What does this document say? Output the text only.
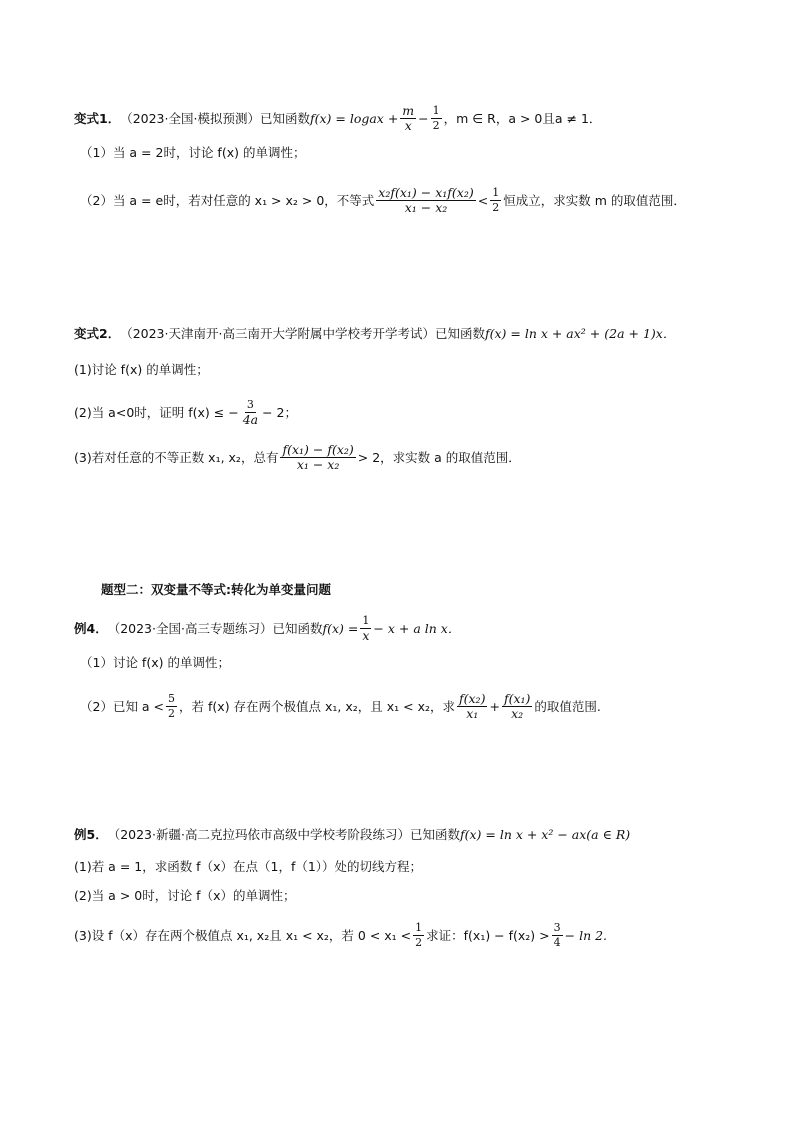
变式1． （2023·全国·模拟预测）已知函数 f(x) = log a $x + \frac{m}{x} - \frac{1}{2}$ ，m ∈ R，a > 0且a ≠ 1．
（1）当 a = 2时，讨论 f(x) 的单调性；
（2）当 a = e时，若对任意的 x₁ > x₂ > 0，不等式 $\frac{\text{x₂f(x₁) − x₁f(x₂)}}{\text{x₁ − x₂}} < \frac{1}{2}$ 恒成立，求实数 m 的取值范围．
变式2． （2023·天津南开·高三南开大学附属中学校考开学考试）已知函数 f(x) = ln x + ax² + (2a + 1)x．
(1)讨论 f(x) 的单调性；
(2)当 a<0时，证明 f(x) ≤ − $\frac{3}{4a} - 2$；
(3)若对任意的不等正数 x₁, x₂，总有 $\frac{\text{f(x₁) − f(x₂)}}{\text{x₁ − x₂}} > 2$，求实数 a 的取值范围．
题型二：双变量不等式:转化为单变量问题
例4． （2023·全国·高三专题练习）已知函数 $f(x) = \frac{1}{x} - x + a$ ln x．
（1）讨论 f(x) 的单调性；
（2）已知 $a < \frac{5}{2}$ ，若 f(x) 存在两个极值点 x₁, x₂，且 x₁ < x₂，求 $\frac{\text{f(x₂)}}{\text{x₁}} + \frac{\text{f(x₁)}}{\text{x₂}}$ 的取值范围.
例5． （2023·新疆·高二克拉玛依市高级中学校考阶段练习）已知函数 f(x) = ln x + x² − ax(a ∈ R)
(1)若 a = 1，求函数 f（x）在点（1，f（1））处的切线方程；
(2)当 a > 0时，讨论 f（x）的单调性；
(3)设 f（x）存在两个极值点 x₁, x₂且 x₁ < x₂，若 $0 < x_1 < \frac{1}{2}$ 求证：$f(x_1) - f(x_2) > \frac{3}{4} - \ln 2$.
